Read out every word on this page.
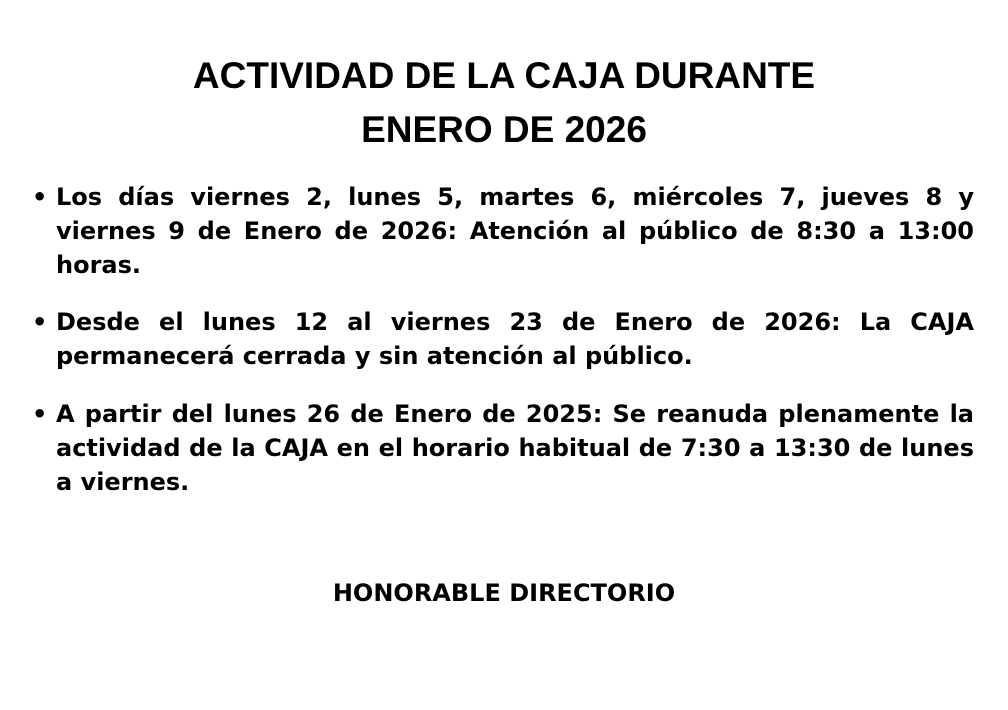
ACTIVIDAD DE LA CAJA DURANTE
ENERO DE 2026
• Los días viernes 2, lunes 5, martes 6, miércoles 7, jueves 8 y viernes 9 de Enero de 2026: Atención al público de 8:30 a 13:00 horas.
• Desde el lunes 12 al viernes 23 de Enero de 2026: La CAJA permanecerá cerrada y sin atención al público.
• A partir del lunes 26 de Enero de 2025: Se reanuda plenamente la actividad de la CAJA en el horario habitual de 7:30 a 13:30 de lunes a viernes.

HONORABLE DIRECTORIO
